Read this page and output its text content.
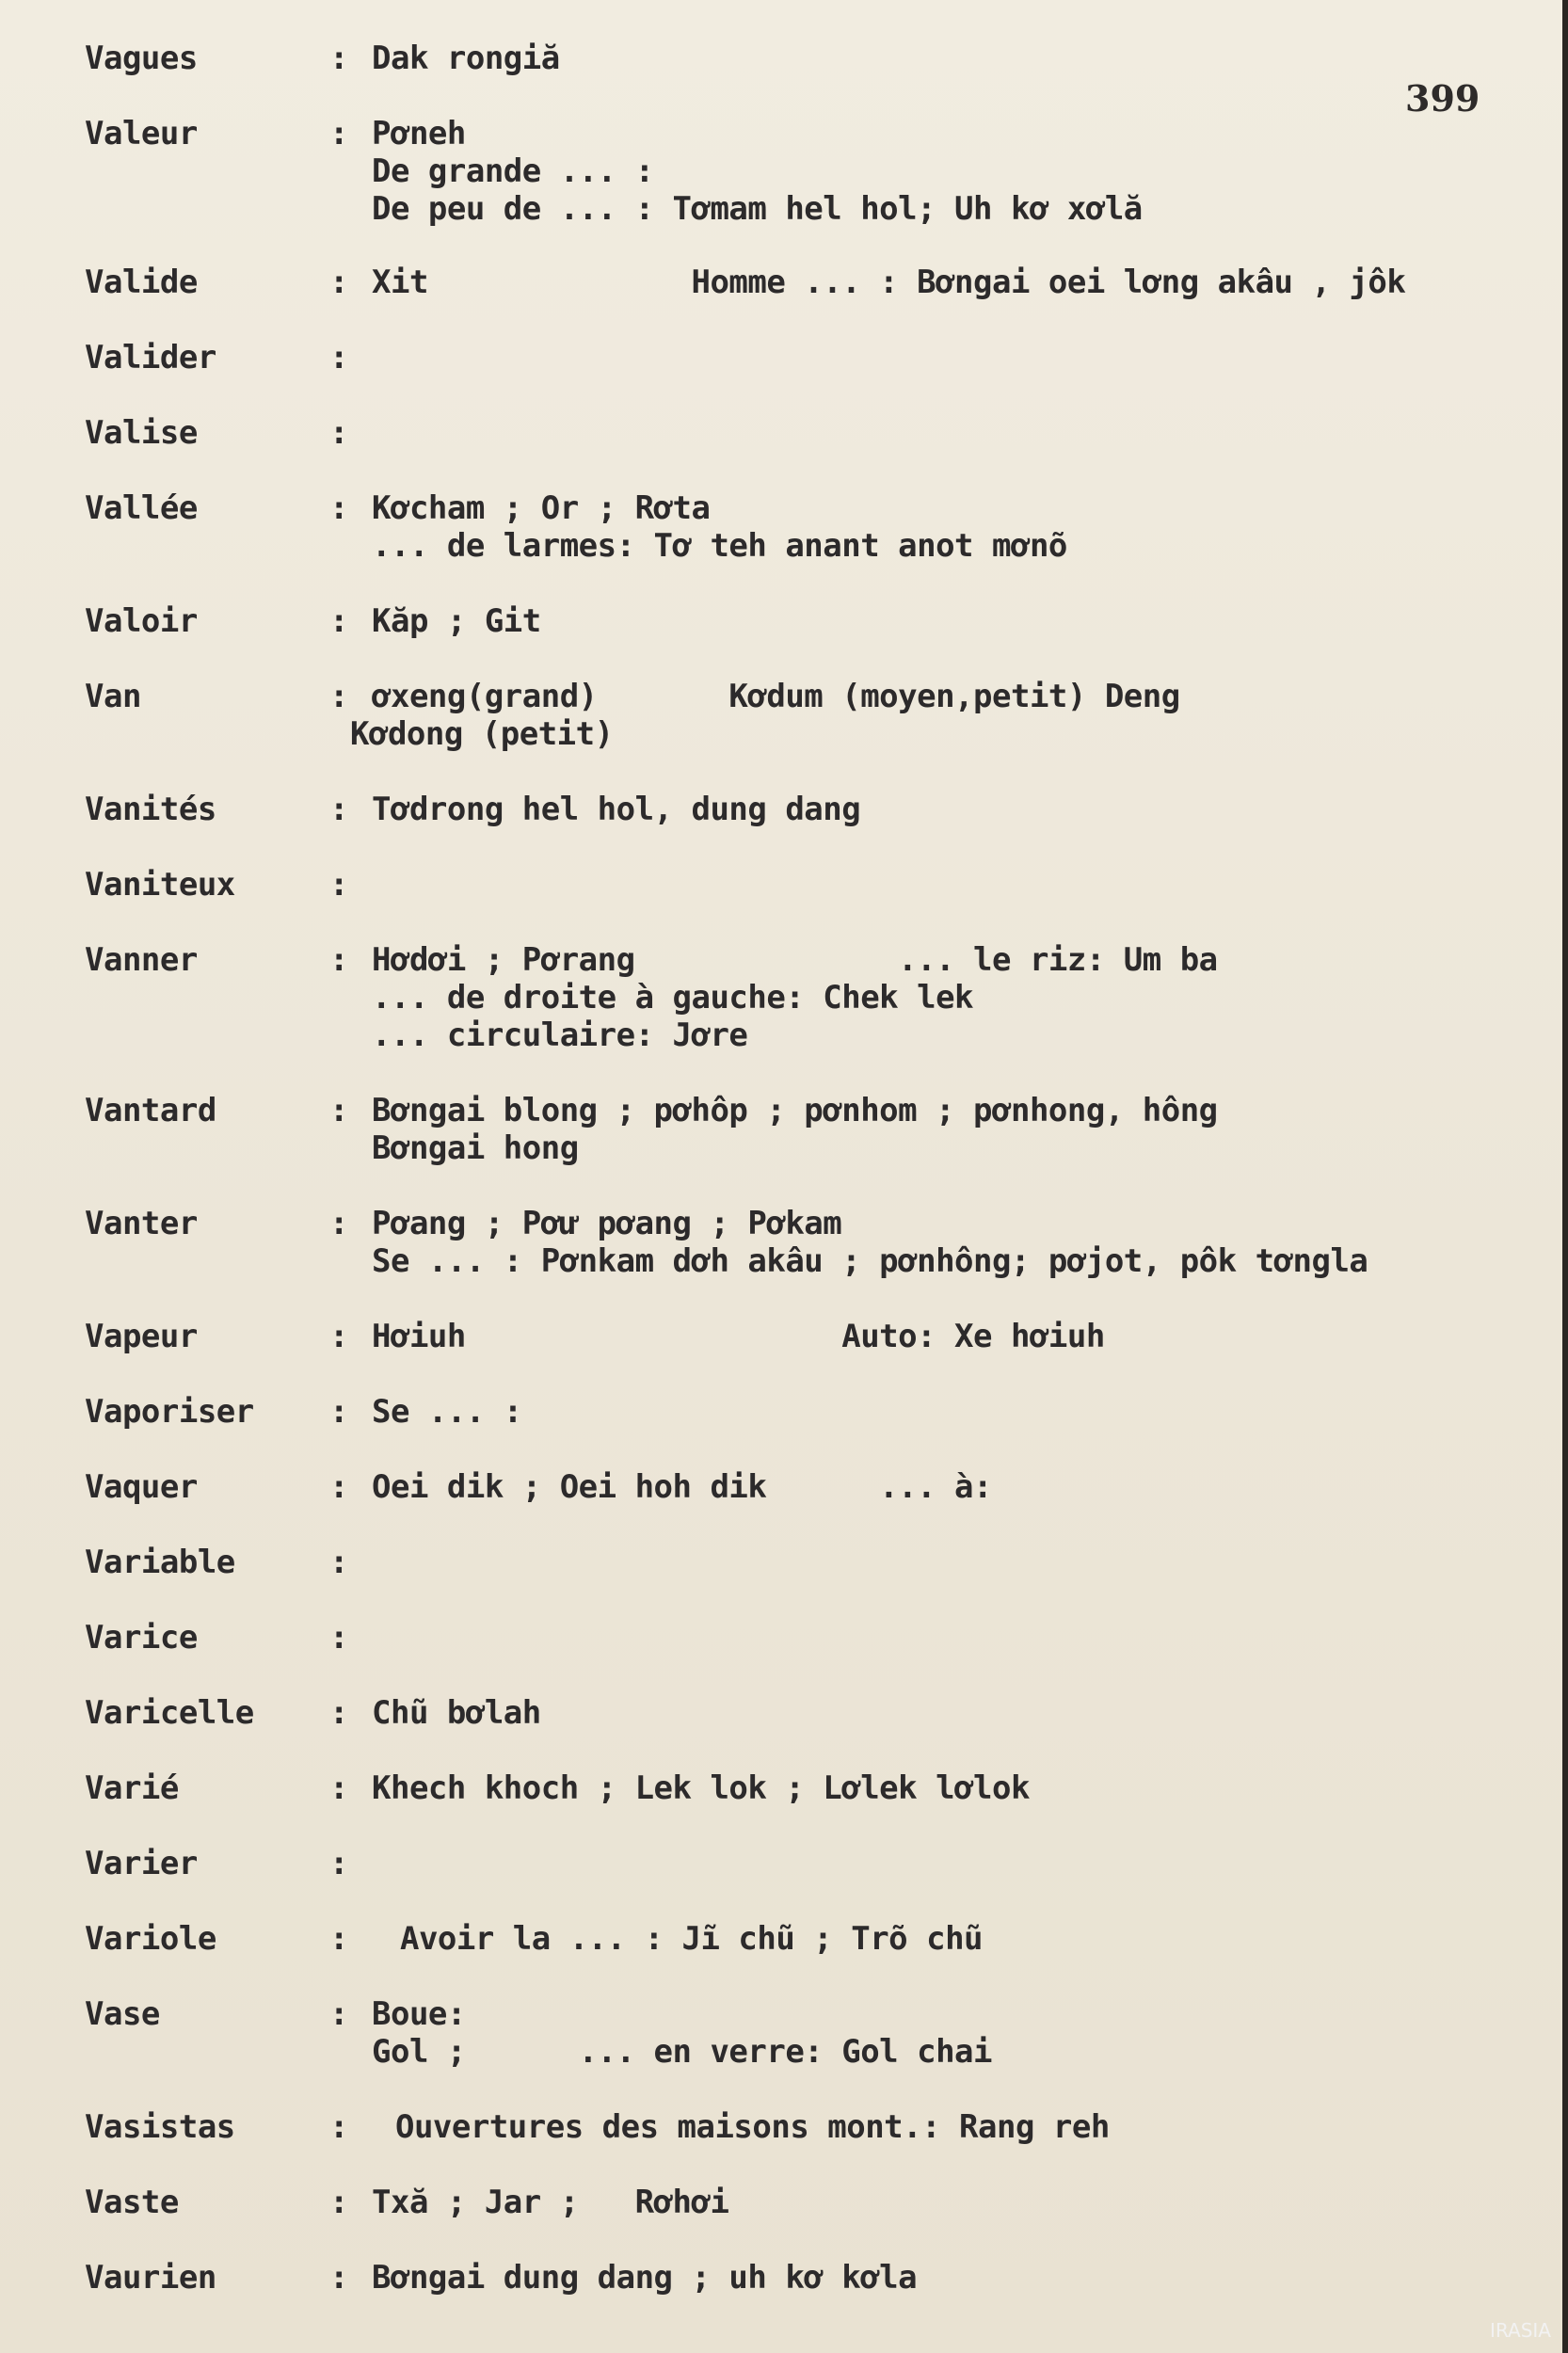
399
Vagues	: Dak rongiă
Valeur	: Pơneh
De grande ... :
De peu de ... : Tơmam hel hol; Uh kơ xơlă
Valide	: Xit              Homme ... : Bơngai oei lơng akâu , jôk
Valider	:
Valise	:
Vallée	: Kơcham ; Or ; Rơta
... de larmes: Tơ teh anant anot mơnõ
Valoir	: Kăp ; Git
Van	: ơxeng(grand)       Kơdum (moyen,petit) Deng
Kơdong (petit)
Vanités	: Tơdrong hel hol, dung dang
Vaniteux	:
Vanner	: Hơdơi ; Pơrang              ... le riz: Um ba
... de droite à gauche: Chek lek
... circulaire: Jơre
Vantard	: Bơngai blong ; pơhôp ; pơnhom ; pơnhong, hông
Bơngai hong
Vanter	: Pơang ; Pơư pơang ; Pơkam
Se ... : Pơnkam dơh akâu ; pơnhông; pơjot, pôk tơngla
Vapeur	: Hơiuh                    Auto: Xe hơiuh
Vaporiser : Se ... :
Vaquer	: Oei dik ; Oei hoh dik      ... à:
Variable	:
Varice	:
Varicelle : Chũ bơlah
Varié	: Khech khoch ; Lek lok ; Lơlek lơlok
Varier	:
Variole	: Avoir la ... : Jĩ chũ ; Trõ chũ
Vase	: Boue:
Gol ;      ... en verre: Gol chai
Vasistas	: Ouvertures des maisons mont.: Rang reh
Vaste	: Txă ; Jar ;   Rơhơi
Vaurien	: Bơngai dung dang ; uh kơ kơla
IRASIA
